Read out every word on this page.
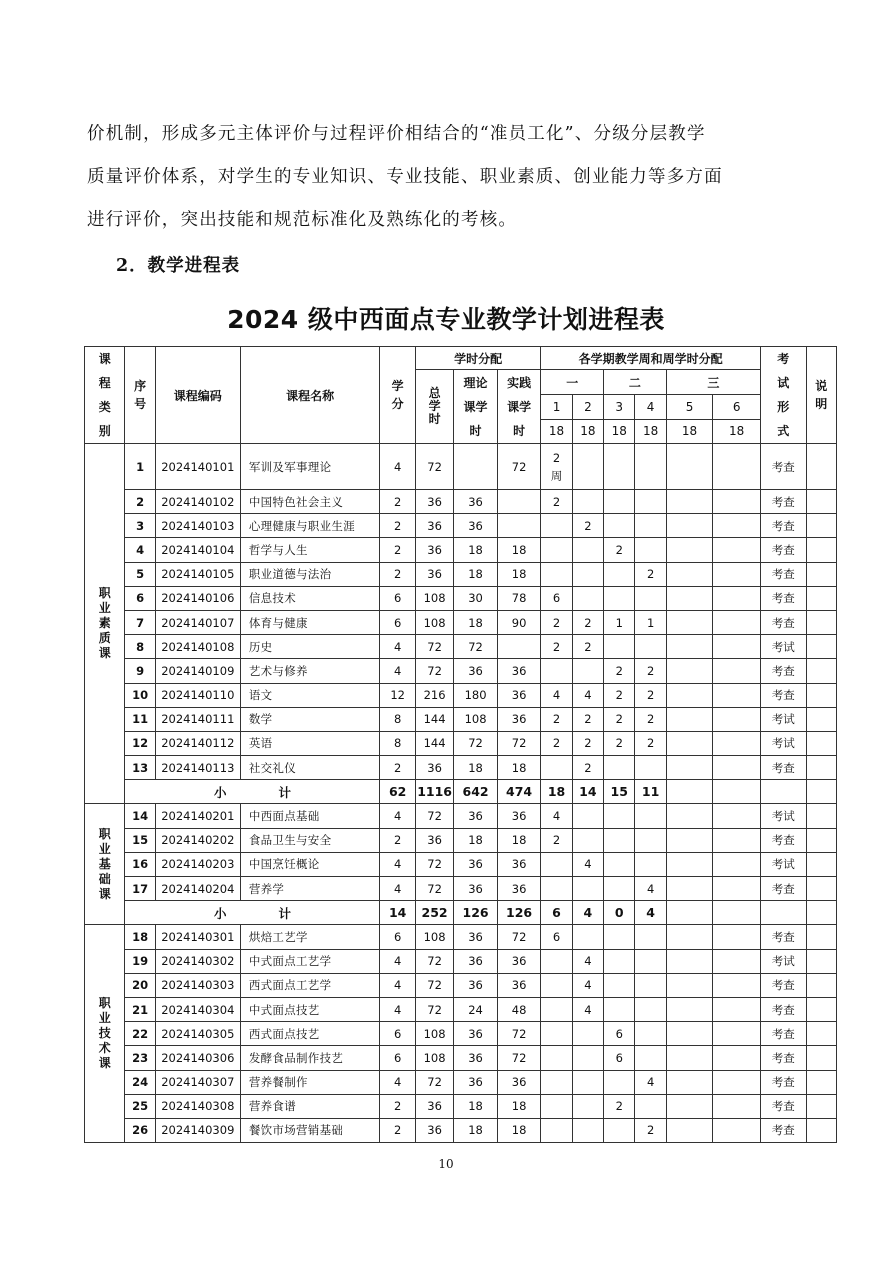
价机制，形成多元主体评价与过程评价相结合的“准员工化”、分级分层教学

质量评价体系，对学生的专业知识、专业技能、职业素质、创业能力等多方面

进行评价，突出技能和规范标准化及熟练化的考核。

2．教学进程表
2024 级中西面点专业教学计划进程表
课程类别	序号	课程编码	课程名称	学分	学时分配			各学期教学周和周学时分配						考试形式	说明
					总学时	理论课学时	实践课学时	一		二		三			
								1	2	3	4	5	6		
								18	18	18	18	18	18		
职业素质课	1	2024140101	军训及军事理论	4	72		72	2周						考查	
	2	2024140102	中国特色社会主义	2	36	36		2						考查	
	3	2024140103	心理健康与职业生涯	2	36	36			2					考查	
	4	2024140104	哲学与人生	2	36	18	18			2				考查	
	5	2024140105	职业道德与法治	2	36	18	18				2			考查	
	6	2024140106	信息技术	6	108	30	78	6						考查	
	7	2024140107	体育与健康	6	108	18	90	2	2	1	1			考查	
	8	2024140108	历史	4	72	72		2	2					考试	
	9	2024140109	艺术与修养	4	72	36	36			2	2			考查	
	10	2024140110	语文	12	216	180	36	4	4	2	2			考查	
	11	2024140111	数学	8	144	108	36	2	2	2	2			考试	
	12	2024140112	英语	8	144	72	72	2	2	2	2			考试	
	13	2024140113	社交礼仪	2	36	18	18		2					考查	
	小 计			62	1116	642	474	18	14	15	11				
职业基础课	14	2024140201	中西面点基础	4	72	36	36	4						考试	
	15	2024140202	食品卫生与安全	2	36	18	18	2						考查	
	16	2024140203	中国烹饪概论	4	72	36	36		4					考试	
	17	2024140204	营养学	4	72	36	36				4			考查	
	小 计			14	252	126	126	6	4	0	4				
职业技术课	18	2024140301	烘焙工艺学	6	108	36	72	6						考查	
	19	2024140302	中式面点工艺学	4	72	36	36		4					考试	
	20	2024140303	西式面点工艺学	4	72	36	36		4					考查	
	21	2024140304	中式面点技艺	4	72	24	48		4					考查	
	22	2024140305	西式面点技艺	6	108	36	72			6				考查	
	23	2024140306	发酵食品制作技艺	6	108	36	72			6				考查	
	24	2024140307	营养餐制作	4	72	36	36				4			考查	
	25	2024140308	营养食谱	2	36	18	18			2				考查	
	26	2024140309	餐饮市场营销基础	2	36	18	18				2			考查	
10
